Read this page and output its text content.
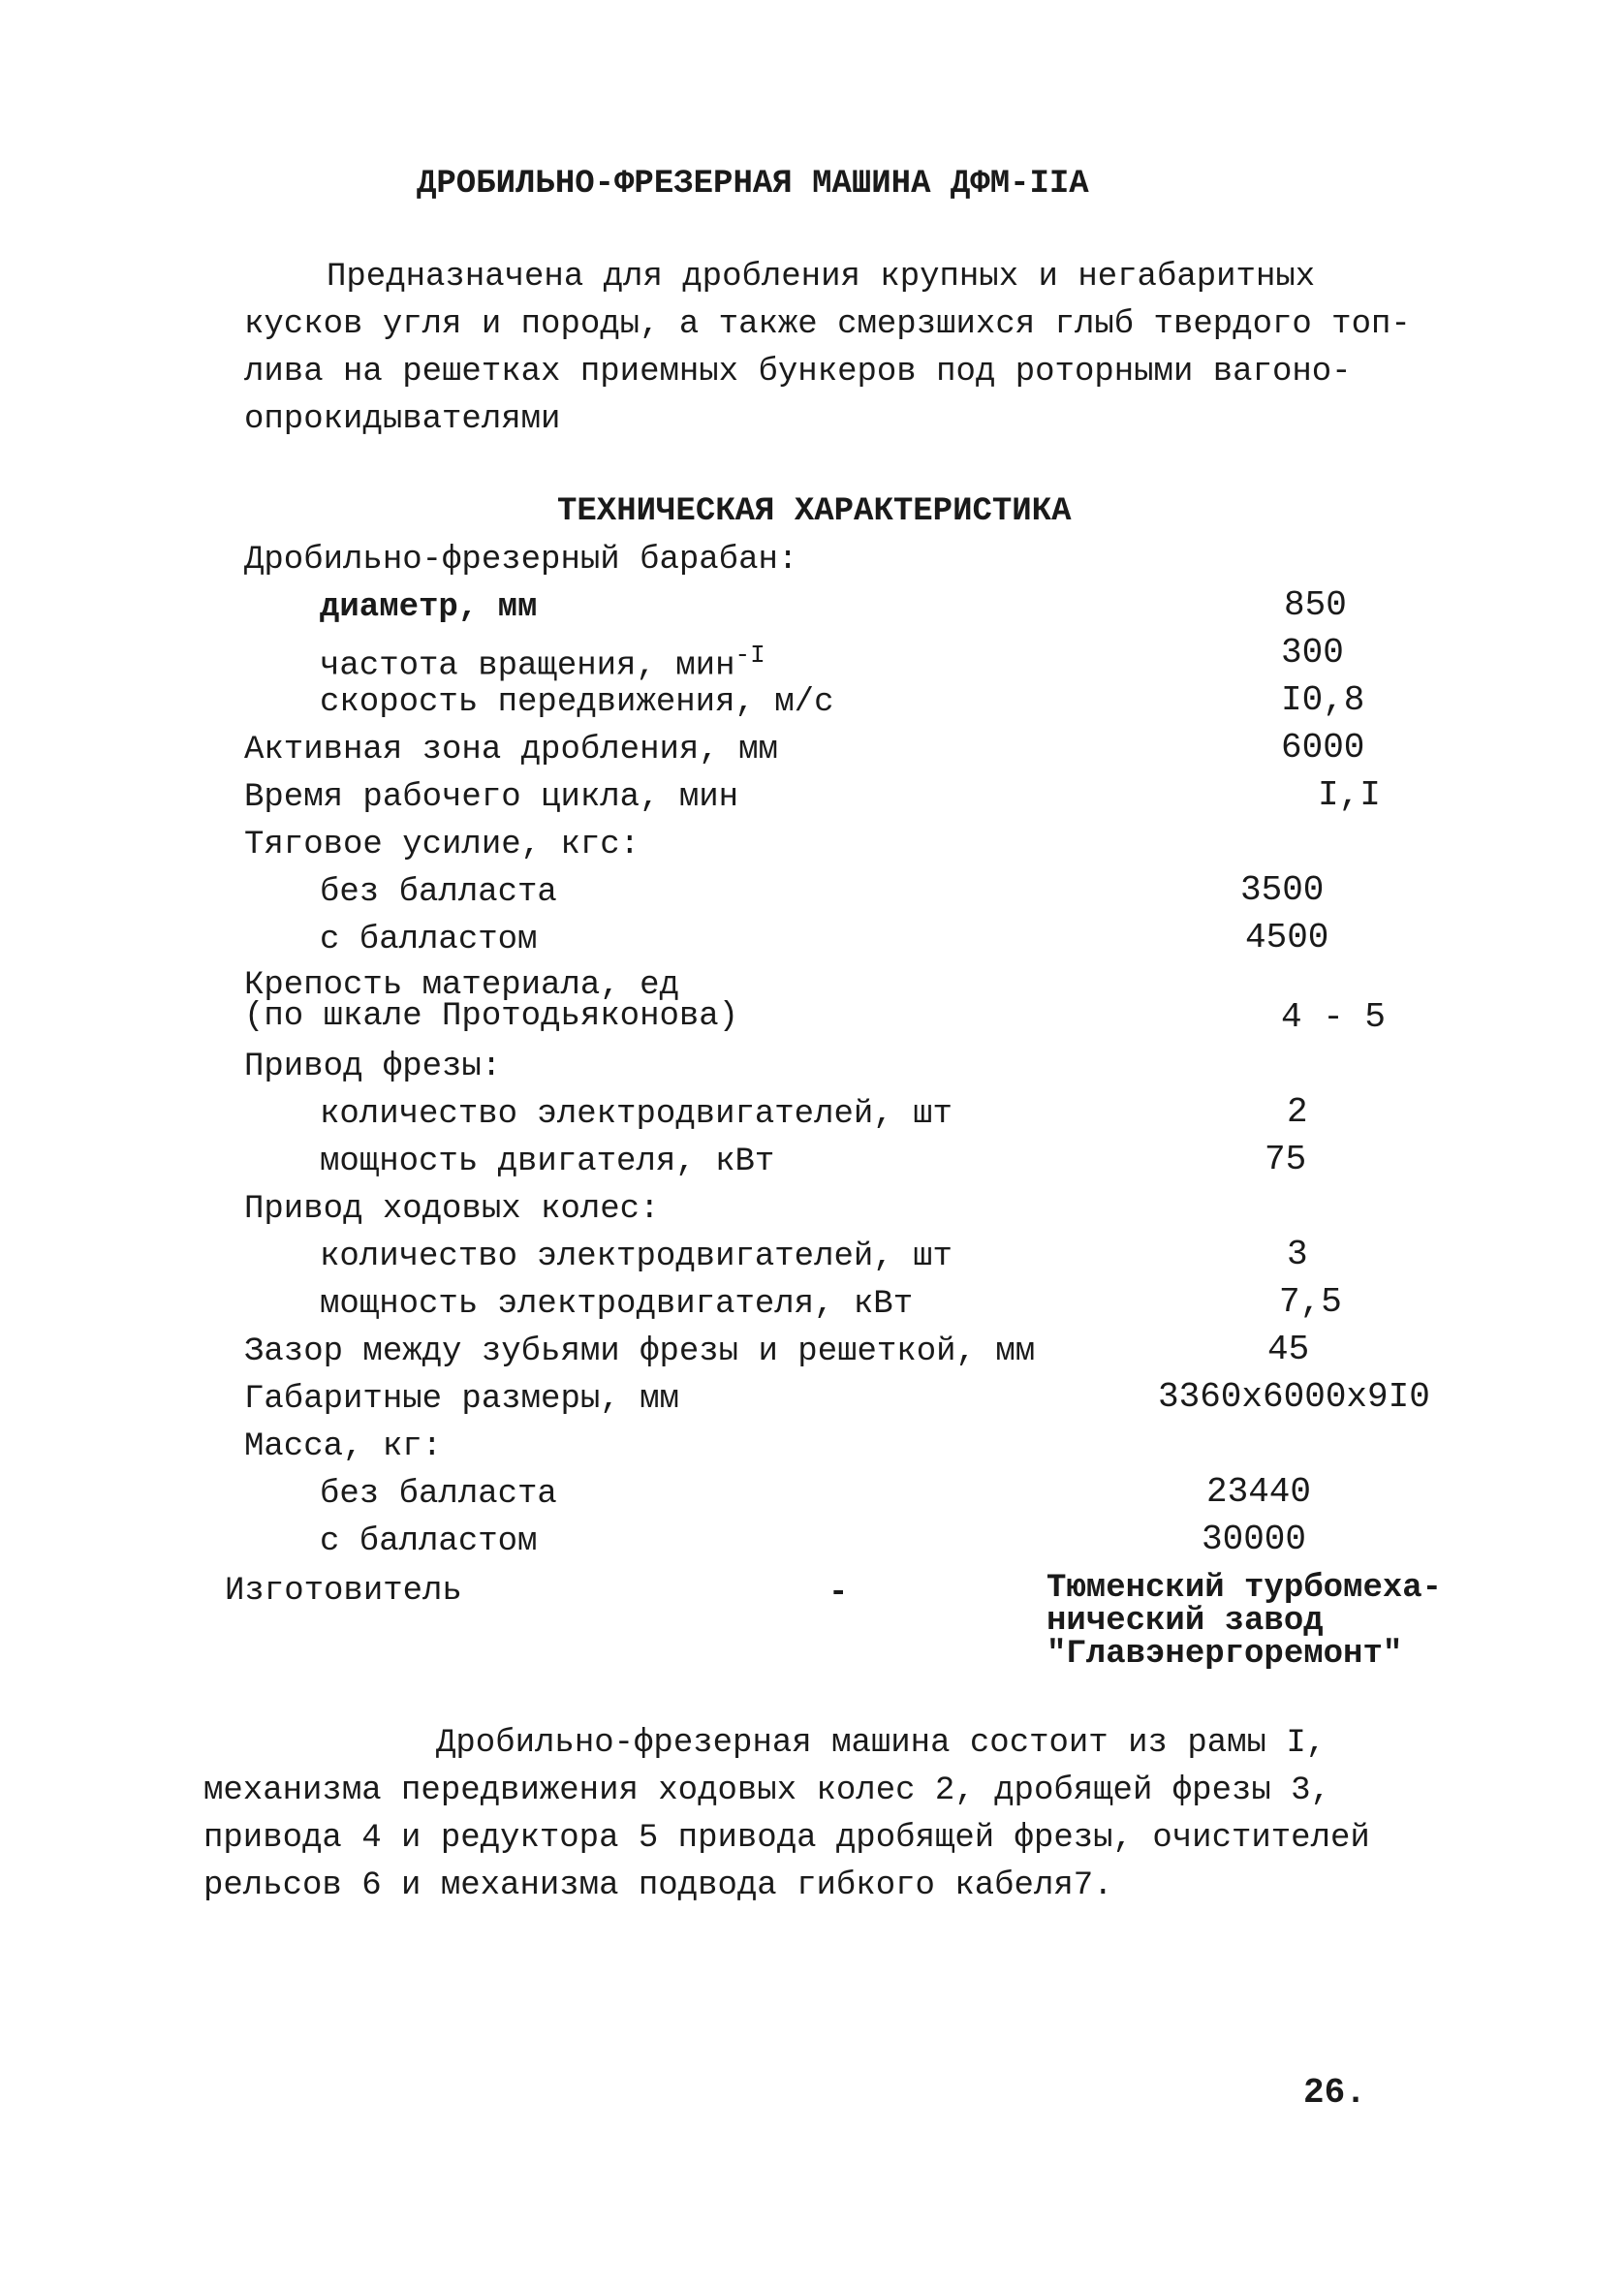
ДРОБИЛЬНО-ФРЕЗЕРНАЯ МАШИНА ДФМ-IIА
Предназначена для дробления крупных и негабаритных
кусков угля и породы, а также смерзшихся глыб твердого топ-
лива на решетках приемных бункеров под роторными вагоно-
опрокидывателями
ТЕХНИЧЕСКАЯ ХАРАКТЕРИСТИКА
Дробильно-фрезерный барабан:
диаметр, мм	850
частота вращения, мин$^{-I}$	300
скорость передвижения, м/с	I0,8
Активная зона дробления, мм	6000
Время рабочего цикла, мин	I,I
Тяговое усилие, кгс:
без балласта	3500
с балластом	4500
Крепость материала, ед
(по шкале Протодьяконова)	4 - 5
Привод фрезы:
количество электродвигателей, шт	2
мощность двигателя, кВт	75
Привод ходовых колес:
количество электродвигателей, шт	3
мощность электродвигателя, кВт	7,5
Зазор между зубьями фрезы и решеткой, мм	45
Габаритные размеры, мм	3360х6000х9I0
Масса, кг:
без балласта	23440
с балластом	30000
Изготовитель	-	Тюменский турбомеха-
нический завод
"Главэнергоремонт"
Дробильно-фрезерная машина состоит из рамы I,
механизма передвижения ходовых колес 2, дробящей фрезы 3,
привода 4 и редуктора 5 привода дробящей фрезы, очистителей
рельсов 6 и механизма подвода гибкого кабеля7.
26.
